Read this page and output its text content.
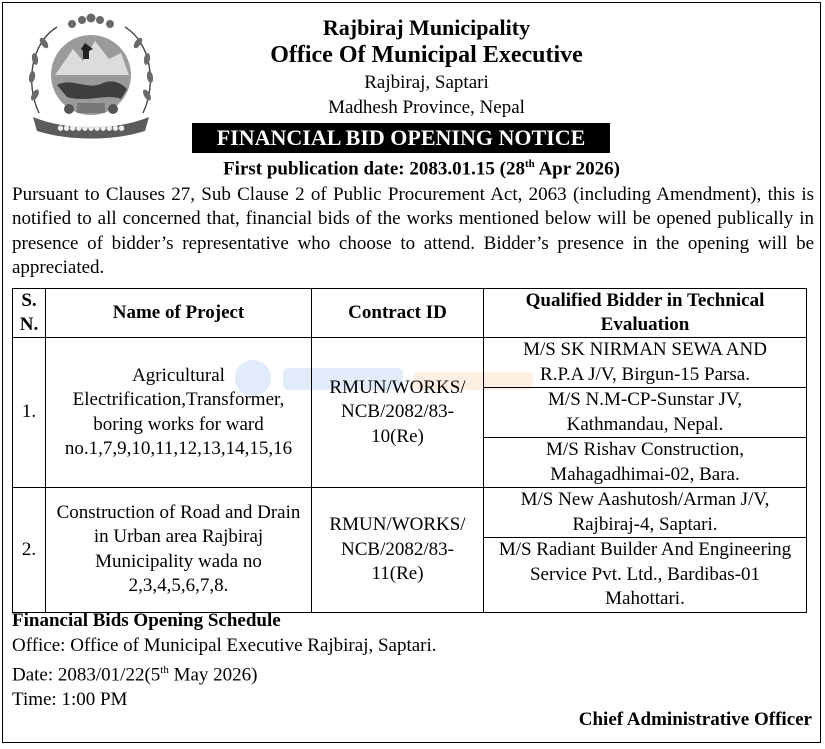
●●●●●●●●●●●
Rajbiraj Municipality
Office Of Municipal Executive
Rajbiraj, Saptari
Madhesh Province, Nepal
FINANCIAL BID OPENING NOTICE
First publication date: 2083.01.15 (28th Apr 2026)
Pursuant to Clauses 27, Sub Clause 2 of Public Procurement Act, 2063 (including Amendment), this is notified to all concerned that, financial bids of the works mentioned below will be opened publically in presence of bidder’s representative who choose to attend. Bidder’s presence in the opening will be appreciated.
S. N.	Name of Project	Contract ID	Qualified Bidder in Technical Evaluation
1.	Agricultural Electrification,Transformer, boring works for ward no.1,7,9,10,11,12,13,14,15,16	RMUN/WORKS/ NCB/2082/83- 10(Re)	M/S SK NIRMAN SEWA AND R.P.A J/V, Birgun-15 Parsa.
			M/S N.M-CP-Sunstar JV, Kathmandau, Nepal.
			M/S Rishav Construction, Mahagadhimai-02, Bara.
2.	Construction of Road and Drain in Urban area Rajbiraj Municipality wada no 2,3,4,5,6,7,8.	RMUN/WORKS/ NCB/2082/83- 11(Re)	M/S New Aashutosh/Arman J/V, Rajbiraj-4, Saptari.
			M/S Radiant Builder And Engineering Service Pvt. Ltd., Bardibas-01 Mahottari.
Financial Bids Opening Schedule
Office: Office of Municipal Executive Rajbiraj, Saptari.
Date: 2083/01/22(5th May 2026)
Time: 1:00 PM
Chief Administrative Officer
